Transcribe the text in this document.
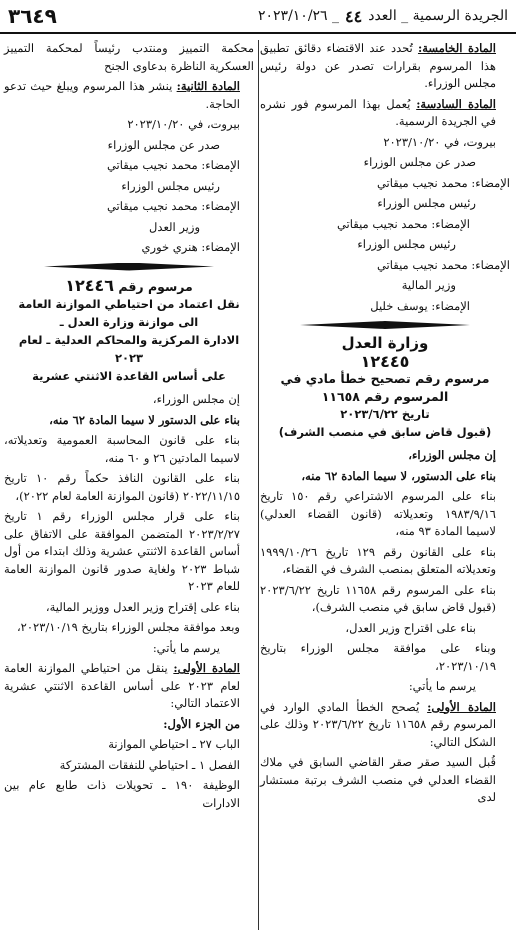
الجريدة الرسمية _ العدد
٤٤
_ ٢٠٢٣/١٠/٢٦
٣٦٤٩

المادة الخامسة: تُحدد عند الاقتضاء دقائق تطبيق هذا المرسوم بقرارات تصدر عن دولة رئيس مجلس الوزراء.

المادة السادسة: يُعمل بهذا المرسوم فور نشره في الجريدة الرسمية.

بيروت، في ٢٠٢٣/١٠/٢٠

صدر عن مجلس الوزراء

الإمضاء: محمد نجيب ميقاتي

رئيس مجلس الوزراء

الإمضاء: محمد نجيب ميقاتي

رئيس مجلس الوزراء

الإمضاء: محمد نجيب ميقاتي

وزير المالية

الإمضاء: يوسف خليل

وزارة العدل
١٢٤٤٥
مرسوم رقم تصحيح خطأ مادي في المرسوم رقم ١١٦٥٨
تاريخ ٢٠٢٣/٦/٢٢
(قبول قاض سابق في منصب الشرف)

إن مجلس الوزراء،

بناء على الدستور، لا سيما المادة ٦٢ منه،

بناء على المرسوم الاشتراعي رقم ١٥٠ تاريخ ١٩٨٣/٩/١٦ وتعديلاته (قانون القضاء العدلي) لاسيما المادة ٩٣ منه،

بناء على القانون رقم ١٢٩ تاريخ ١٩٩٩/١٠/٢٦ وتعديلاته المتعلق بمنصب الشرف في القضاء،

بناء على المرسوم رقم ١١٦٥٨ تاريخ ٢٠٢٣/٦/٢٢ (قبول قاض سابق في منصب الشرف)،

بناء على اقتراح وزير العدل،

وبناء على موافقة مجلس الوزراء بتاريخ ٢٠٢٣/١٠/١٩،

يرسم ما يأتي:

المادة الأولى: يُصحح الخطأ المادي الوارد في المرسوم رقم ١١٦٥٨ تاريخ ٢٠٢٣/٦/٢٢ وذلك على الشكل التالي:

قُبل السيد صقر صقر القاضي السابق في ملاك القضاء العدلي في منصب الشرف برتبة مستشار لدى

محكمة التمييز ومنتدب رئيساً لمحكمة التمييز العسكرية الناظرة بدعاوى الجنح

المادة الثانية: ينشر هذا المرسوم ويبلغ حيث تدعو الحاجة.

بيروت، في ٢٠٢٣/١٠/٢٠

صدر عن مجلس الوزراء

الإمضاء: محمد نجيب ميقاتي

رئيس مجلس الوزراء

الإمضاء: محمد نجيب ميقاتي

وزير العدل

الإمضاء: هنري خوري

مرسوم رقم ١٢٤٤٦
نقل اعتماد من احتياطي الموازنة العامة
الى موازنة وزارة العدل ـ
الادارة المركزية والمحاكم العدلية ـ لعام ٢٠٢٣
على أساس القاعدة الاثنتي عشرية

إن مجلس الوزراء،

بناء على الدستور لا سيما المادة ٦٢ منه،

بناء على قانون المحاسبة العمومية وتعديلاته، لاسيما المادتين ٢٦ و ٦٠ منه،

بناء على القانون النافذ حكماً رقم ١٠ تاريخ ٢٠٢٢/١١/١٥ (قانون الموازنة العامة لعام ٢٠٢٢)،

بناء على قرار مجلس الوزراء رقم ١ تاريخ ٢٠٢٣/٢/٢٧ المتضمن الموافقة على الاتفاق على أساس القاعدة الاثنتي عشرية وذلك ابتداء من أول شباط ٢٠٢٣ ولغاية صدور قانون الموازنة العامة للعام ٢٠٢٣

بناء على إقتراح وزير العدل ووزير المالية،

وبعد موافقة مجلس الوزراء بتاريخ ٢٠٢٣/١٠/١٩،

يرسم ما يأتي:

المادة الأولى: ينقل من احتياطي الموازنة العامة لعام ٢٠٢٣ على أساس القاعدة الاثنتي عشرية الاعتماد التالي:

من الجزء الأول:

الباب ٢٧ ـ احتياطي الموازنة

الفصل ١ ـ احتياطي للنفقات المشتركة

الوظيفة ١٩٠ ـ تحويلات ذات طابع عام بين الادارات
